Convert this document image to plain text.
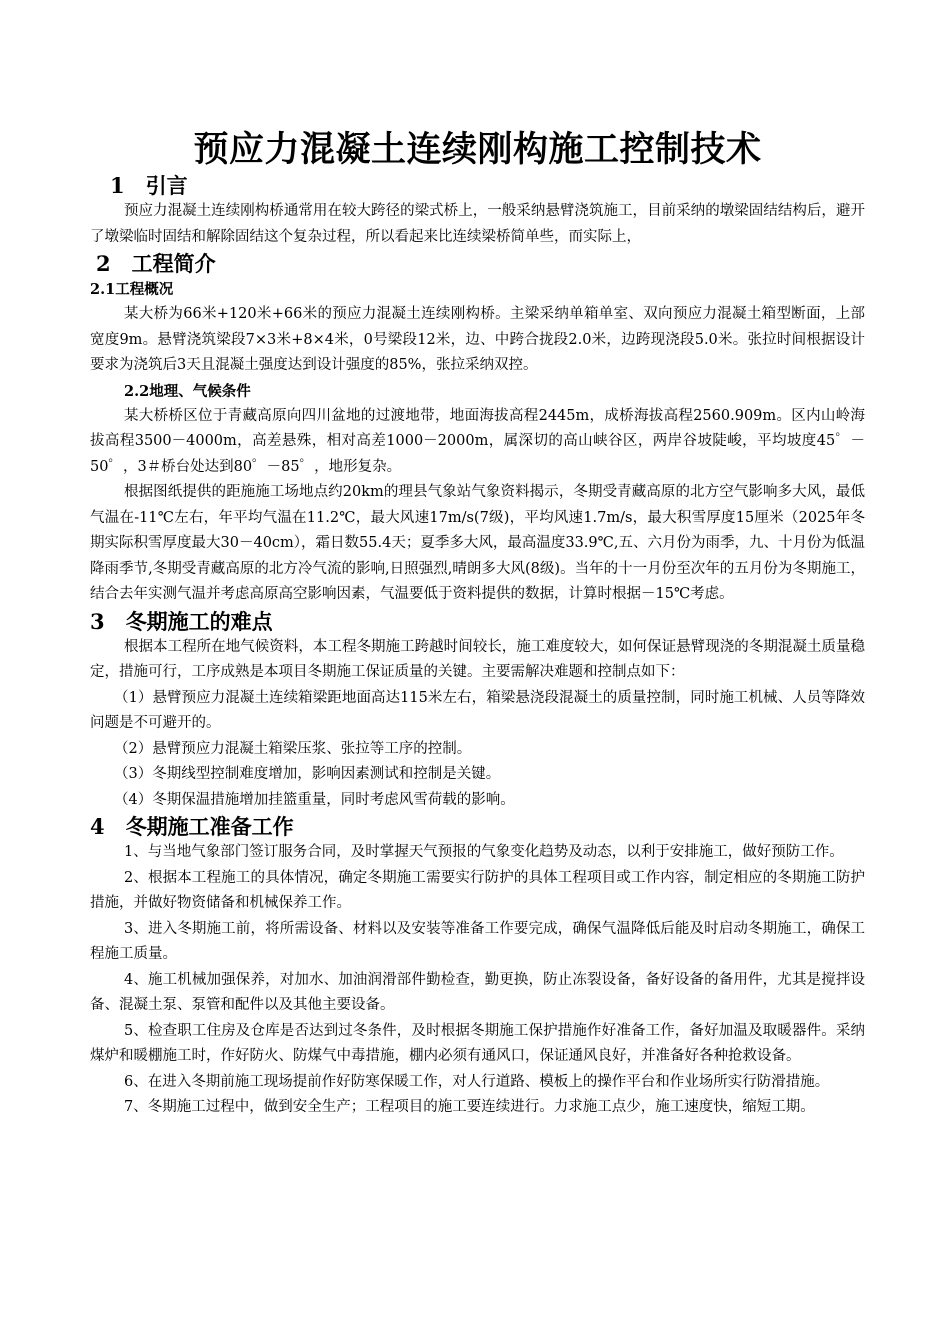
预应力混凝土连续刚构施工控制技术
1　引言

预应力混凝土连续刚构桥通常用在较大跨径的梁式桥上，一般采纳悬臂浇筑施工，目前采纳的墩梁固结结构后，避开了墩梁临时固结和解除固结这个复杂过程，所以看起来比连续梁桥简单些，而实际上，

2　工程简介
2.1工程概况

某大桥为66米+120米+66米的预应力混凝土连续刚构桥。主梁采纳单箱单室、双向预应力混凝土箱型断面，上部宽度9m。悬臂浇筑梁段7×3米+8×4米，0号梁段12米，边、中跨合拢段2.0米，边跨现浇段5.0米。张拉时间根据设计要求为浇筑后3天且混凝土强度达到设计强度的85%，张拉采纳双控。

2.2地理、气候条件

某大桥桥区位于青藏高原向四川盆地的过渡地带，地面海拔高程2445m，成桥海拔高程2560.909m。区内山岭海拔高程3500－4000m，高差悬殊，相对高差1000－2000m，属深切的高山峡谷区，两岸谷坡陡峻，平均坡度45゜－50゜，3＃桥台处达到80゜－85゜，地形复杂。

根据图纸提供的距施施工场地点约20km的理县气象站气象资料揭示，冬期受青藏高原的北方空气影响多大风，最低气温在-11℃左右，年平均气温在11.2℃，最大风速17m/s(7级)，平均风速1.7m/s，最大积雪厚度15厘米（2025年冬期实际积雪厚度最大30－40cm），霜日数55.4天；夏季多大风，最高温度33.9℃,五、六月份为雨季，九、十月份为低温降雨季节,冬期受青藏高原的北方冷气流的影响,日照强烈,晴朗多大风(8级)。当年的十一月份至次年的五月份为冬期施工，结合去年实测气温并考虑高原高空影响因素，气温要低于资料提供的数据，计算时根据－15℃考虑。

3　冬期施工的难点

根据本工程所在地气候资料，本工程冬期施工跨越时间较长，施工难度较大，如何保证悬臂现浇的冬期混凝土质量稳定，措施可行，工序成熟是本项目冬期施工保证质量的关键。主要需解决难题和控制点如下：

（1）悬臂预应力混凝土连续箱梁距地面高达115米左右，箱梁悬浇段混凝土的质量控制，同时施工机械、人员等降效问题是不可避开的。

（2）悬臂预应力混凝土箱梁压浆、张拉等工序的控制。

（3）冬期线型控制难度增加，影响因素测试和控制是关键。

（4）冬期保温措施增加挂篮重量，同时考虑风雪荷载的影响。

4　冬期施工准备工作

1、与当地气象部门签订服务合同，及时掌握天气预报的气象变化趋势及动态，以利于安排施工，做好预防工作。

2、根据本工程施工的具体情况，确定冬期施工需要实行防护的具体工程项目或工作内容，制定相应的冬期施工防护措施，并做好物资储备和机械保养工作。

3、进入冬期施工前，将所需设备、材料以及安装等准备工作要完成，确保气温降低后能及时启动冬期施工，确保工程施工质量。

4、施工机械加强保养，对加水、加油润滑部件勤检查，勤更换，防止冻裂设备，备好设备的备用件，尤其是搅拌设备、混凝土泵、泵管和配件以及其他主要设备。

5、检查职工住房及仓库是否达到过冬条件，及时根据冬期施工保护措施作好准备工作，备好加温及取暖器件。采纳煤炉和暖棚施工时，作好防火、防煤气中毒措施，棚内必须有通风口，保证通风良好，并准备好各种抢救设备。

6、在进入冬期前施工现场提前作好防寒保暖工作，对人行道路、模板上的操作平台和作业场所实行防滑措施。

7、冬期施工过程中，做到安全生产；工程项目的施工要连续进行。力求施工点少，施工速度快，缩短工期。
